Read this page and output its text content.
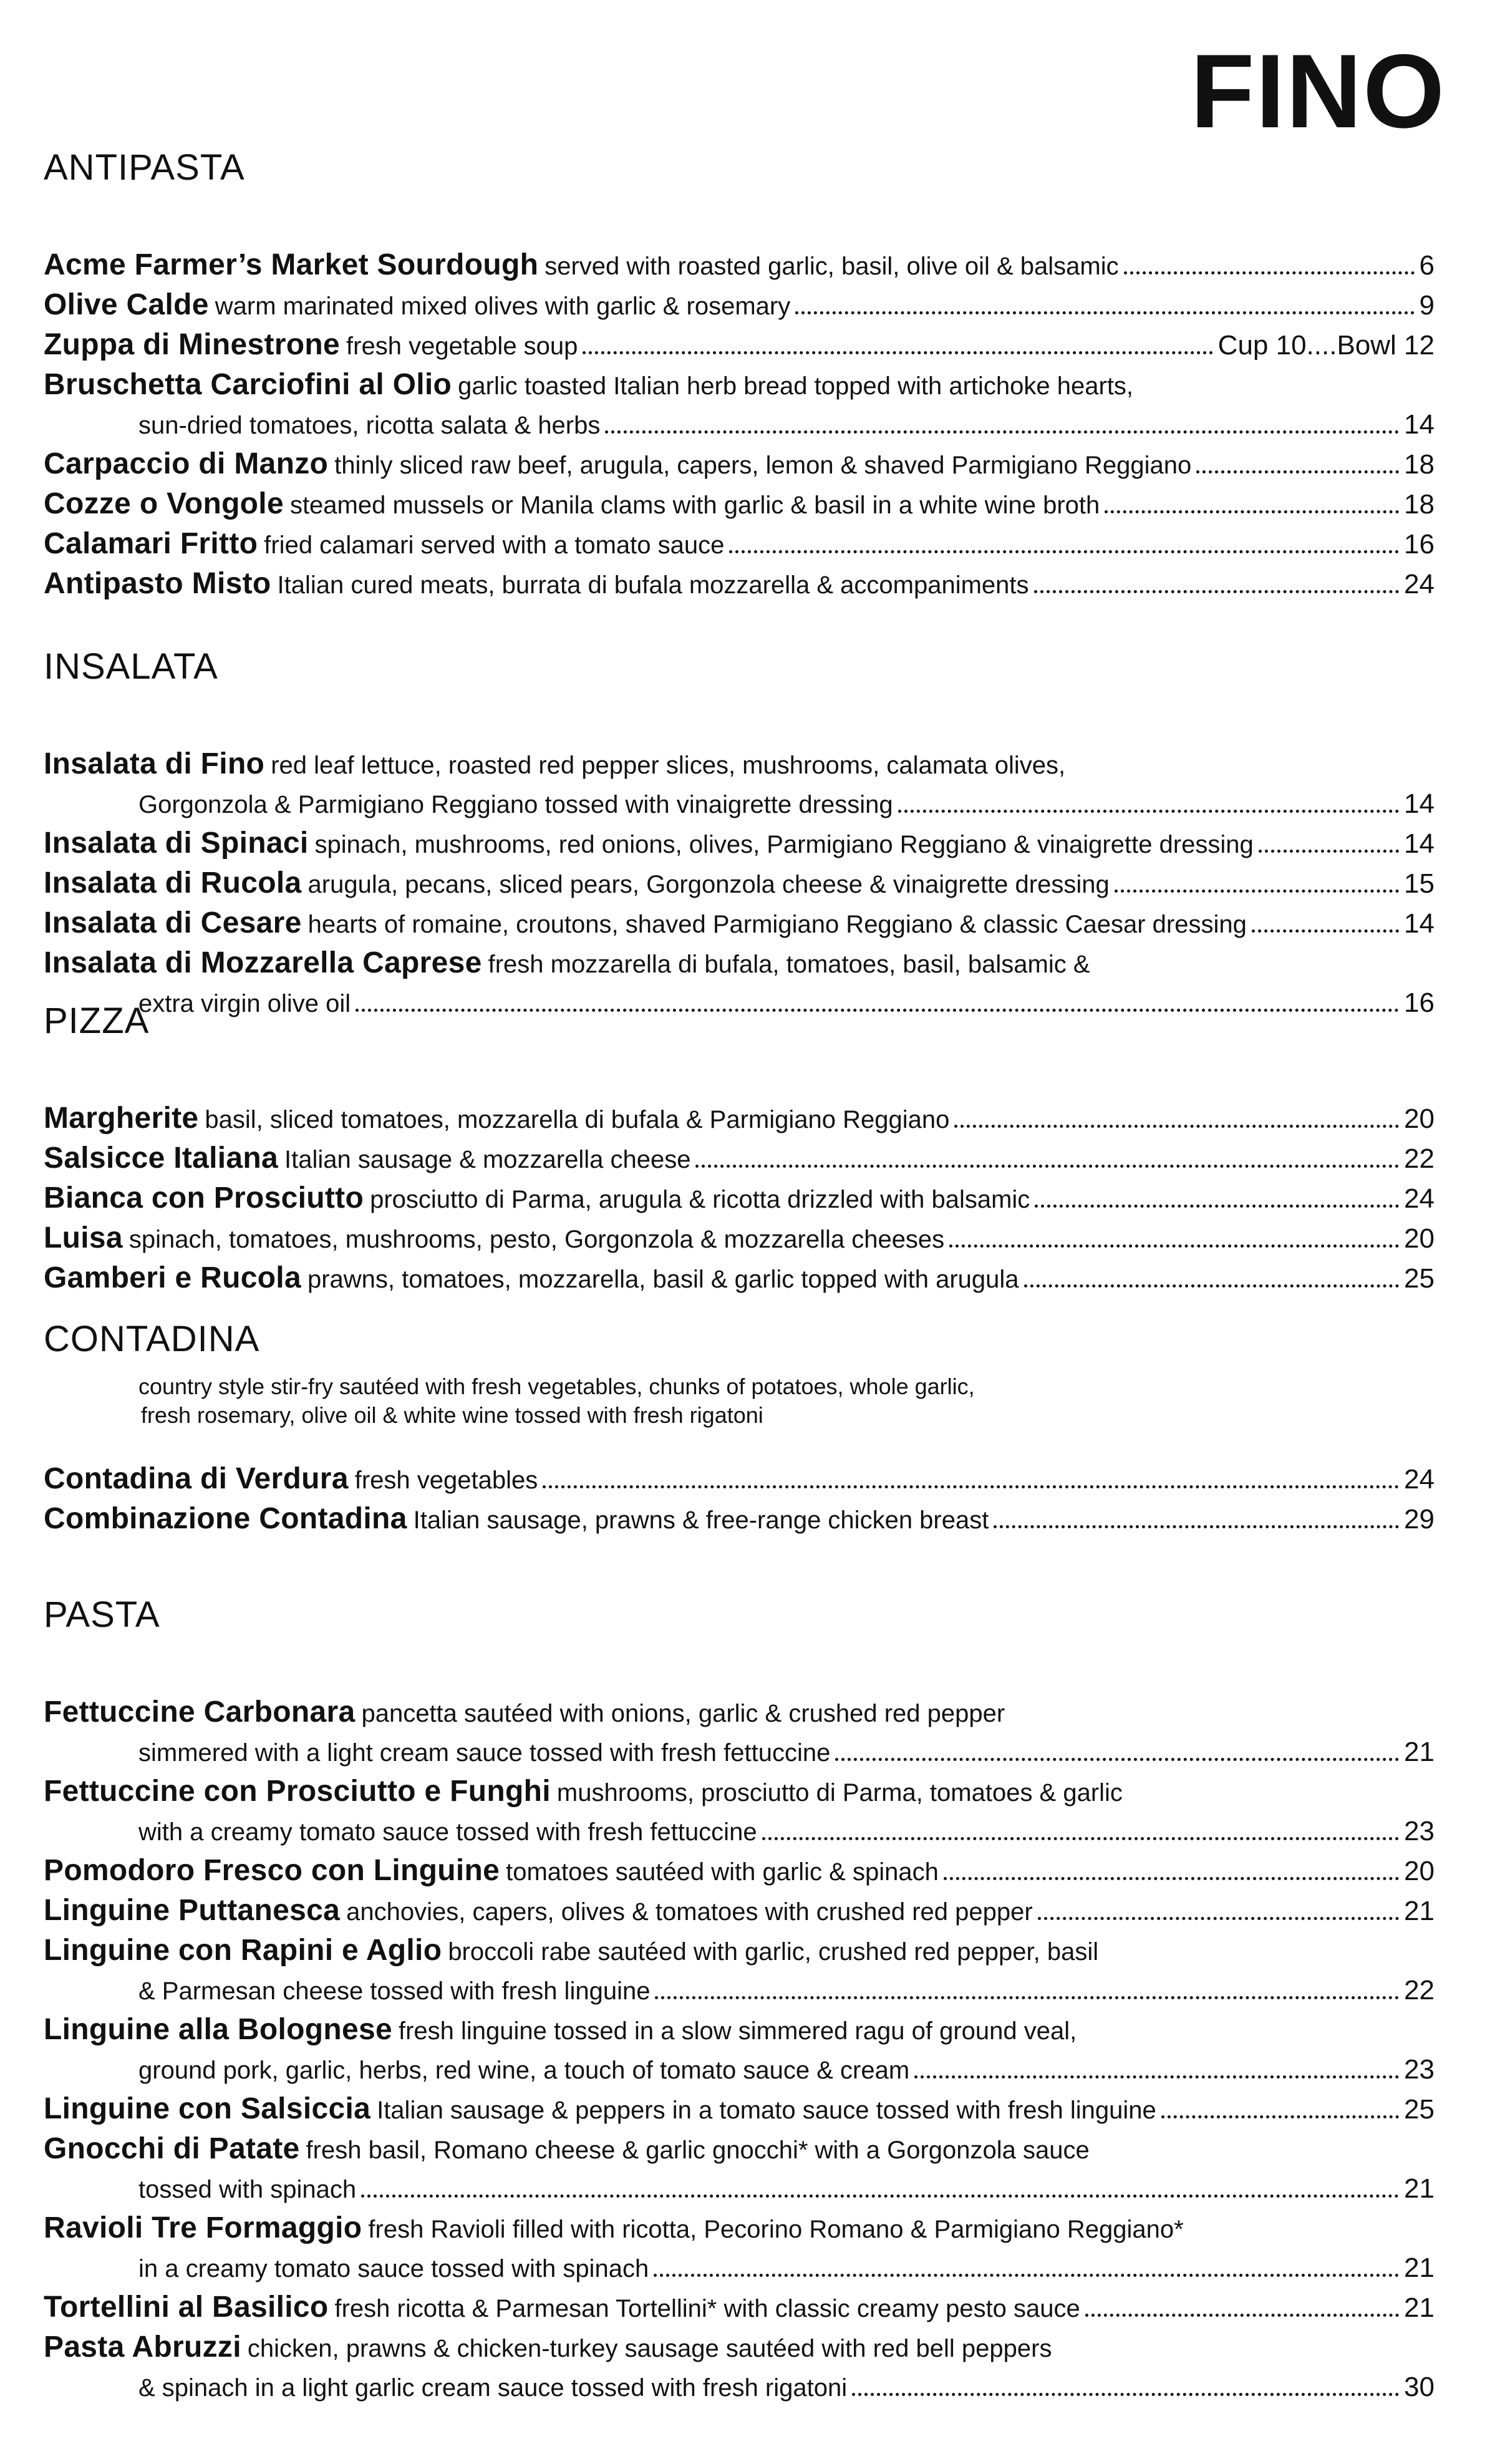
FINO
ANTIPASTA
Acme Farmer’s Market Sourdough served with roasted garlic, basil, olive oil & balsamic	6
Olive Calde warm marinated mixed olives with garlic & rosemary	9
Zuppa di Minestrone fresh vegetable soup	Cup 10....Bowl 12
Bruschetta Carciofini al Olio garlic toasted Italian herb bread topped with artichoke hearts,
sun-dried tomatoes, ricotta salata & herbs	14
Carpaccio di Manzo thinly sliced raw beef, arugula, capers, lemon & shaved Parmigiano Reggiano	18
Cozze o Vongole steamed mussels or Manila clams with garlic & basil in a white wine broth	18
Calamari Fritto fried calamari served with a tomato sauce	16
Antipasto Misto Italian cured meats, burrata di bufala mozzarella & accompaniments	24
INSALATA
Insalata di Fino red leaf lettuce, roasted red pepper slices, mushrooms, calamata olives,
Gorgonzola & Parmigiano Reggiano tossed with vinaigrette dressing	14
Insalata di Spinaci spinach, mushrooms, red onions, olives, Parmigiano Reggiano & vinaigrette dressing	14
Insalata di Rucola arugula, pecans, sliced pears, Gorgonzola cheese & vinaigrette dressing	15
Insalata di Cesare hearts of romaine, croutons, shaved Parmigiano Reggiano & classic Caesar dressing	14
Insalata di Mozzarella Caprese fresh mozzarella di bufala, tomatoes, basil, balsamic &
extra virgin olive oil	16
PIZZA
Margherite basil, sliced tomatoes, mozzarella di bufala & Parmigiano Reggiano	20
Salsicce Italiana Italian sausage & mozzarella cheese	22
Bianca con Prosciutto prosciutto di Parma, arugula & ricotta drizzled with balsamic	24
Luisa spinach, tomatoes, mushrooms, pesto, Gorgonzola & mozzarella cheeses	20
Gamberi e Rucola prawns, tomatoes, mozzarella, basil & garlic topped with arugula	25
CONTADINA
country style stir-fry sautéed with fresh vegetables, chunks of potatoes, whole garlic,
fresh rosemary, olive oil & white wine tossed with fresh rigatoni
Contadina di Verdura fresh vegetables	24
Combinazione Contadina Italian sausage, prawns & free-range chicken breast	29
PASTA
Fettuccine Carbonara pancetta sautéed with onions, garlic & crushed red pepper
simmered with a light cream sauce tossed with fresh fettuccine	21
Fettuccine con Prosciutto e Funghi mushrooms, prosciutto di Parma, tomatoes & garlic
with a creamy tomato sauce tossed with fresh fettuccine	23
Pomodoro Fresco con Linguine tomatoes sautéed with garlic & spinach	20
Linguine Puttanesca anchovies, capers, olives & tomatoes with crushed red pepper	21
Linguine con Rapini e Aglio broccoli rabe sautéed with garlic, crushed red pepper, basil
& Parmesan cheese tossed with fresh linguine	22
Linguine alla Bolognese fresh linguine tossed in a slow simmered ragu of ground veal,
ground pork, garlic, herbs, red wine, a touch of tomato sauce & cream	23
Linguine con Salsiccia Italian sausage & peppers in a tomato sauce tossed with fresh linguine	25
Gnocchi di Patate fresh basil, Romano cheese & garlic gnocchi* with a Gorgonzola sauce
tossed with spinach	21
Ravioli Tre Formaggio fresh Ravioli filled with ricotta, Pecorino Romano & Parmigiano Reggiano*
in a creamy tomato sauce tossed with spinach	21
Tortellini al Basilico fresh ricotta & Parmesan Tortellini* with classic creamy pesto sauce	21
Pasta Abruzzi chicken, prawns & chicken-turkey sausage sautéed with red bell peppers
& spinach in a light garlic cream sauce tossed with fresh rigatoni	30
